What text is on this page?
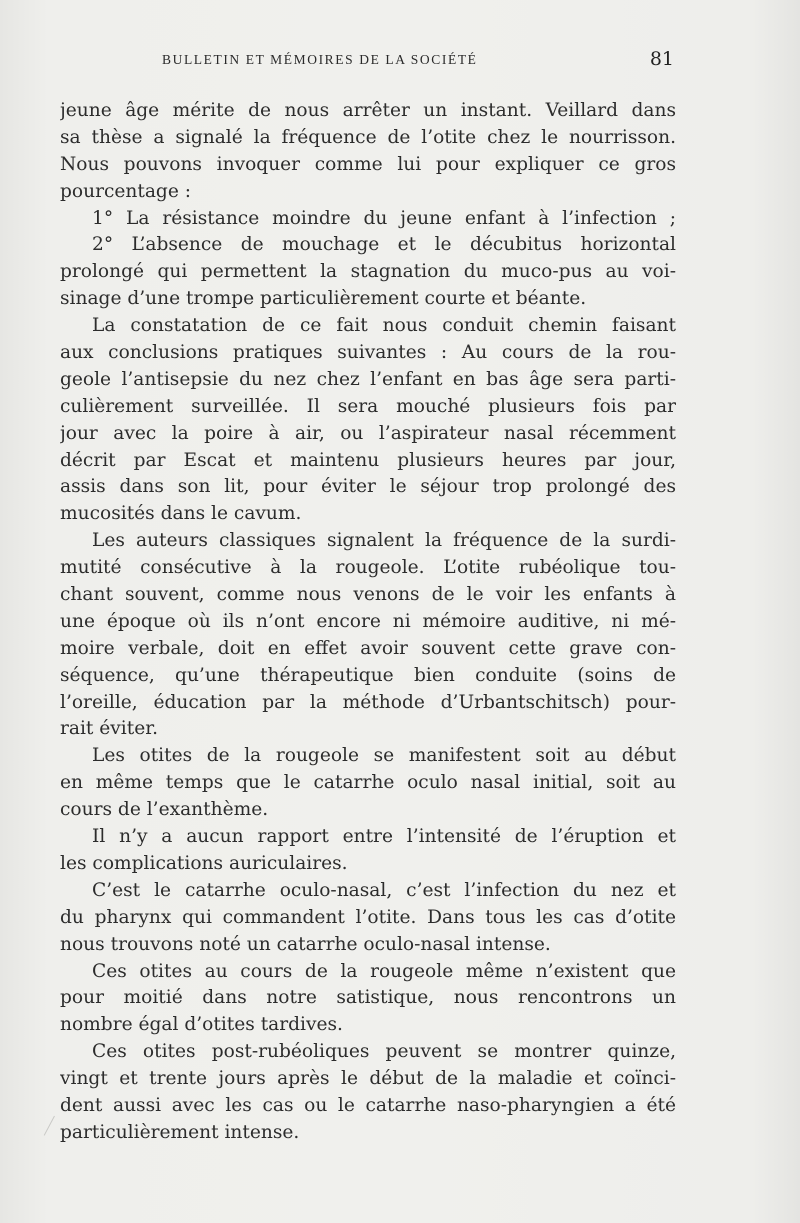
BULLETIN ET MÉMOIRES DE LA SOCIÉTÉ	81
jeune âge mérite de nous arrêter un instant. Veillard dans
sa thèse a signalé la fréquence de l’otite chez le nourrisson.
Nous pouvons invoquer comme lui pour expliquer ce gros
pourcentage :
1° La résistance moindre du jeune enfant à l’infection ;
2° L’absence de mouchage et le décubitus horizontal
prolongé qui permettent la stagnation du muco-pus au voi-
sinage d’une trompe particulièrement courte et béante.
La constatation de ce fait nous conduit chemin faisant
aux conclusions pratiques suivantes : Au cours de la rou-
geole l’antisepsie du nez chez l’enfant en bas âge sera parti-
culièrement surveillée. Il sera mouché plusieurs fois par
jour avec la poire à air, ou l’aspirateur nasal récemment
décrit par Escat et maintenu plusieurs heures par jour,
assis dans son lit, pour éviter le séjour trop prolongé des
mucosités dans le cavum.
Les auteurs classiques signalent la fréquence de la surdi-
mutité consécutive à la rougeole. L’otite rubéolique tou-
chant souvent, comme nous venons de le voir les enfants à
une époque où ils n’ont encore ni mémoire auditive, ni mé-
moire verbale, doit en effet avoir souvent cette grave con-
séquence, qu’une thérapeutique bien conduite (soins de
l’oreille, éducation par la méthode d’Urbantschitsch) pour-
rait éviter.
Les otites de la rougeole se manifestent soit au début
en même temps que le catarrhe oculo nasal initial, soit au
cours de l’exanthème.
Il n’y a aucun rapport entre l’intensité de l’éruption et
les complications auriculaires.
C’est le catarrhe oculo-nasal, c’est l’infection du nez et
du pharynx qui commandent l’otite. Dans tous les cas d’otite
nous trouvons noté un catarrhe oculo-nasal intense.
Ces otites au cours de la rougeole même n’existent que
pour moitié dans notre satistique, nous rencontrons un
nombre égal d’otites tardives.
Ces otites post-rubéoliques peuvent se montrer quinze,
vingt et trente jours après le début de la maladie et coïnci-
dent aussi avec les cas ou le catarrhe naso-pharyngien a été
particulièrement intense.
